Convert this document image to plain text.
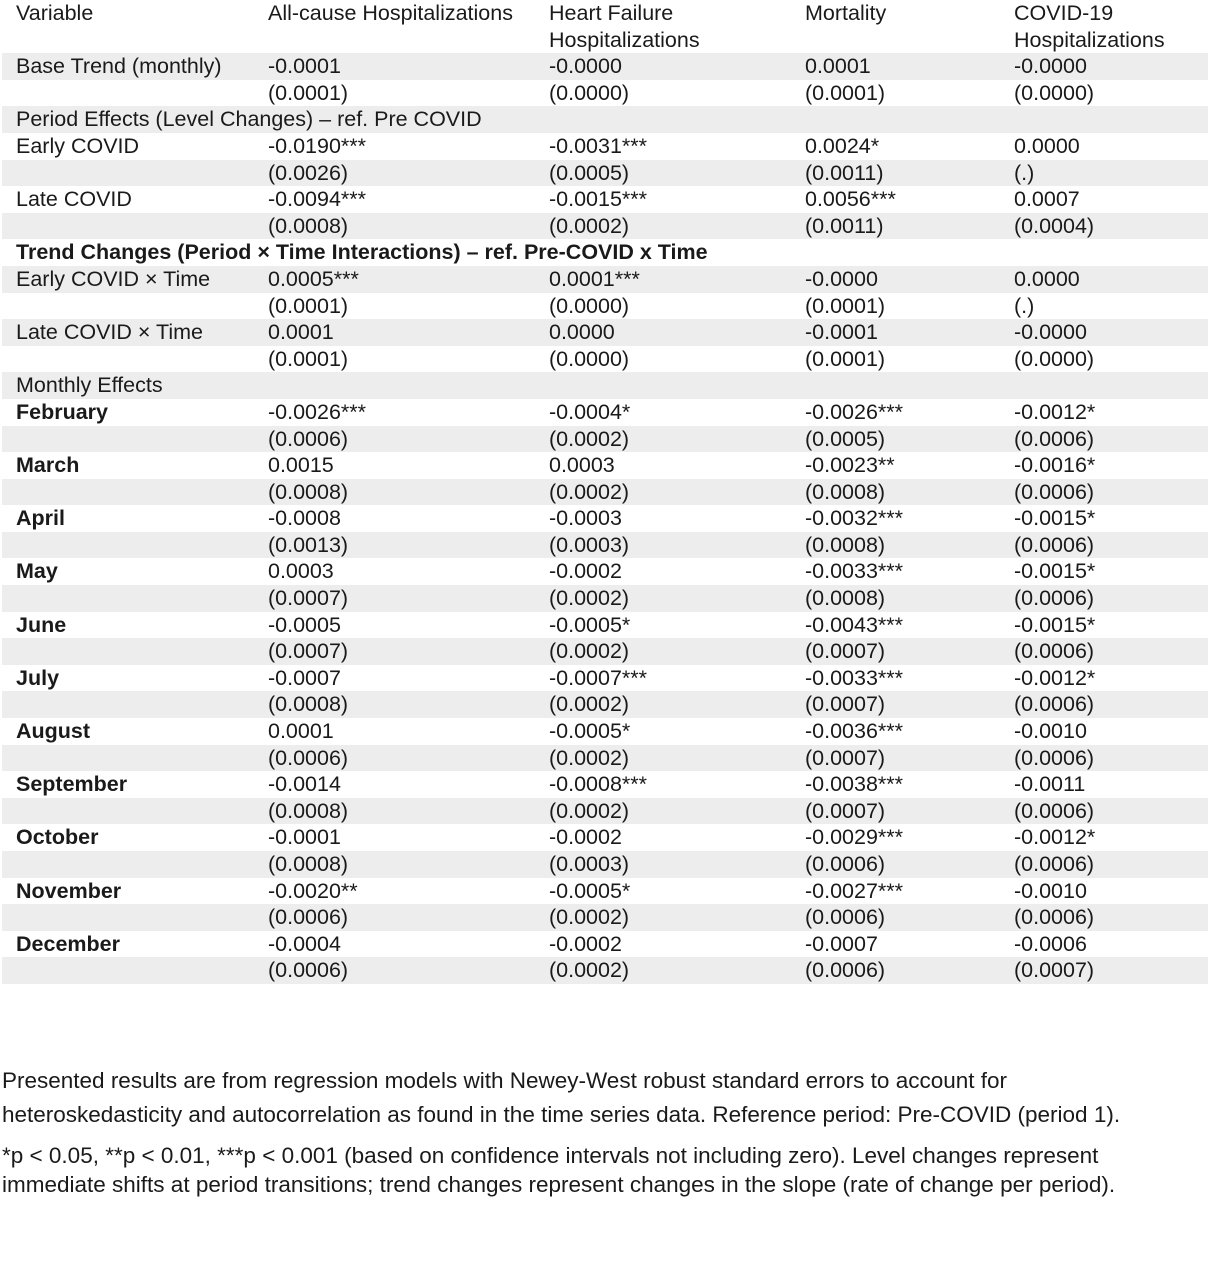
Variable	All-cause Hospitalizations	Heart Failure Hospitalizations	Mortality	COVID-19 Hospitalizations
Base Trend (monthly)	-0.0001	-0.0000	0.0001	-0.0000
	(0.0001)	(0.0000)	(0.0001)	(0.0000)
Period Effects (Level Changes) – ref. Pre COVID				
Early COVID	-0.0190***	-0.0031***	0.0024*	0.0000
	(0.0026)	(0.0005)	(0.0011)	(.)
Late COVID	-0.0094***	-0.0015***	0.0056***	0.0007
	(0.0008)	(0.0002)	(0.0011)	(0.0004)
Trend Changes (Period × Time Interactions) – ref. Pre-COVID x Time				
Early COVID × Time	0.0005***	0.0001***	-0.0000	0.0000
	(0.0001)	(0.0000)	(0.0001)	(.)
Late COVID × Time	0.0001	0.0000	-0.0001	-0.0000
	(0.0001)	(0.0000)	(0.0001)	(0.0000)
Monthly Effects				
February	-0.0026***	-0.0004*	-0.0026***	-0.0012*
	(0.0006)	(0.0002)	(0.0005)	(0.0006)
March	0.0015	0.0003	-0.0023**	-0.0016*
	(0.0008)	(0.0002)	(0.0008)	(0.0006)
April	-0.0008	-0.0003	-0.0032***	-0.0015*
	(0.0013)	(0.0003)	(0.0008)	(0.0006)
May	0.0003	-0.0002	-0.0033***	-0.0015*
	(0.0007)	(0.0002)	(0.0008)	(0.0006)
June	-0.0005	-0.0005*	-0.0043***	-0.0015*
	(0.0007)	(0.0002)	(0.0007)	(0.0006)
July	-0.0007	-0.0007***	-0.0033***	-0.0012*
	(0.0008)	(0.0002)	(0.0007)	(0.0006)
August	0.0001	-0.0005*	-0.0036***	-0.0010
	(0.0006)	(0.0002)	(0.0007)	(0.0006)
September	-0.0014	-0.0008***	-0.0038***	-0.0011
	(0.0008)	(0.0002)	(0.0007)	(0.0006)
October	-0.0001	-0.0002	-0.0029***	-0.0012*
	(0.0008)	(0.0003)	(0.0006)	(0.0006)
November	-0.0020**	-0.0005*	-0.0027***	-0.0010
	(0.0006)	(0.0002)	(0.0006)	(0.0006)
December	-0.0004	-0.0002	-0.0007	-0.0006
	(0.0006)	(0.0002)	(0.0006)	(0.0007)

Presented results are from regression models with Newey-West robust standard errors to account for heteroskedasticity and autocorrelation as found in the time series data. Reference period: Pre-COVID (period 1).

*p < 0.05, **p < 0.01, ***p < 0.001 (based on confidence intervals not including zero). Level changes represent immediate shifts at period transitions; trend changes represent changes in the slope (rate of change per period).
